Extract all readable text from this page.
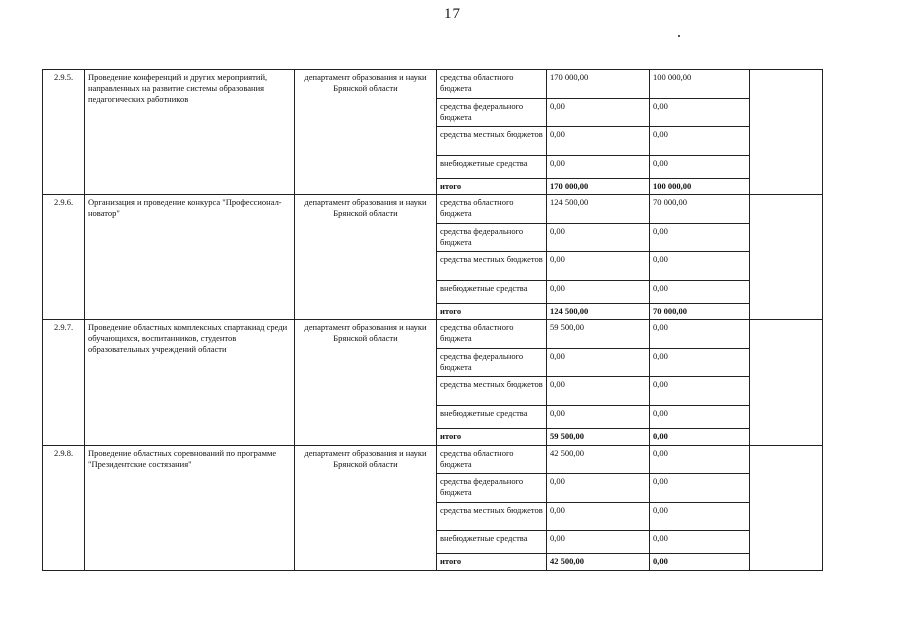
17
2.9.5.	Проведение конференций и других мероприятий, направленных на развитие системы образования педагогических работников	департамент образования и науки Брянской области	средства областного бюджета	170 000,00	100 000,00	
			средства федерального бюджета	0,00	0,00	
			средства местных бюджетов	0,00	0,00	
			внебюджетные средства	0,00	0,00	
			итого	170 000,00	100 000,00	
2.9.6.	Организация и проведение конкурса "Профессионал-новатор"	департамент образования и науки Брянской области	средства областного бюджета	124 500,00	70 000,00	
			средства федерального бюджета	0,00	0,00	
			средства местных бюджетов	0,00	0,00	
			внебюджетные средства	0,00	0,00	
			итого	124 500,00	70 000,00	
2.9.7.	Проведение областных комплексных спартакиад среди обучающихся, воспитанников, студентов образовательных учреждений области	департамент образования и науки Брянской области	средства областного бюджета	59 500,00	0,00	
			средства федерального бюджета	0,00	0,00	
			средства местных бюджетов	0,00	0,00	
			внебюджетные средства	0,00	0,00	
			итого	59 500,00	0,00	
2.9.8.	Проведение областных соревнований по программе "Президентские состязания"	департамент образования и науки Брянской области	средства областного бюджета	42 500,00	0,00	
			средства федерального бюджета	0,00	0,00	
			средства местных бюджетов	0,00	0,00	
			внебюджетные средства	0,00	0,00	
			итого	42 500,00	0,00	
